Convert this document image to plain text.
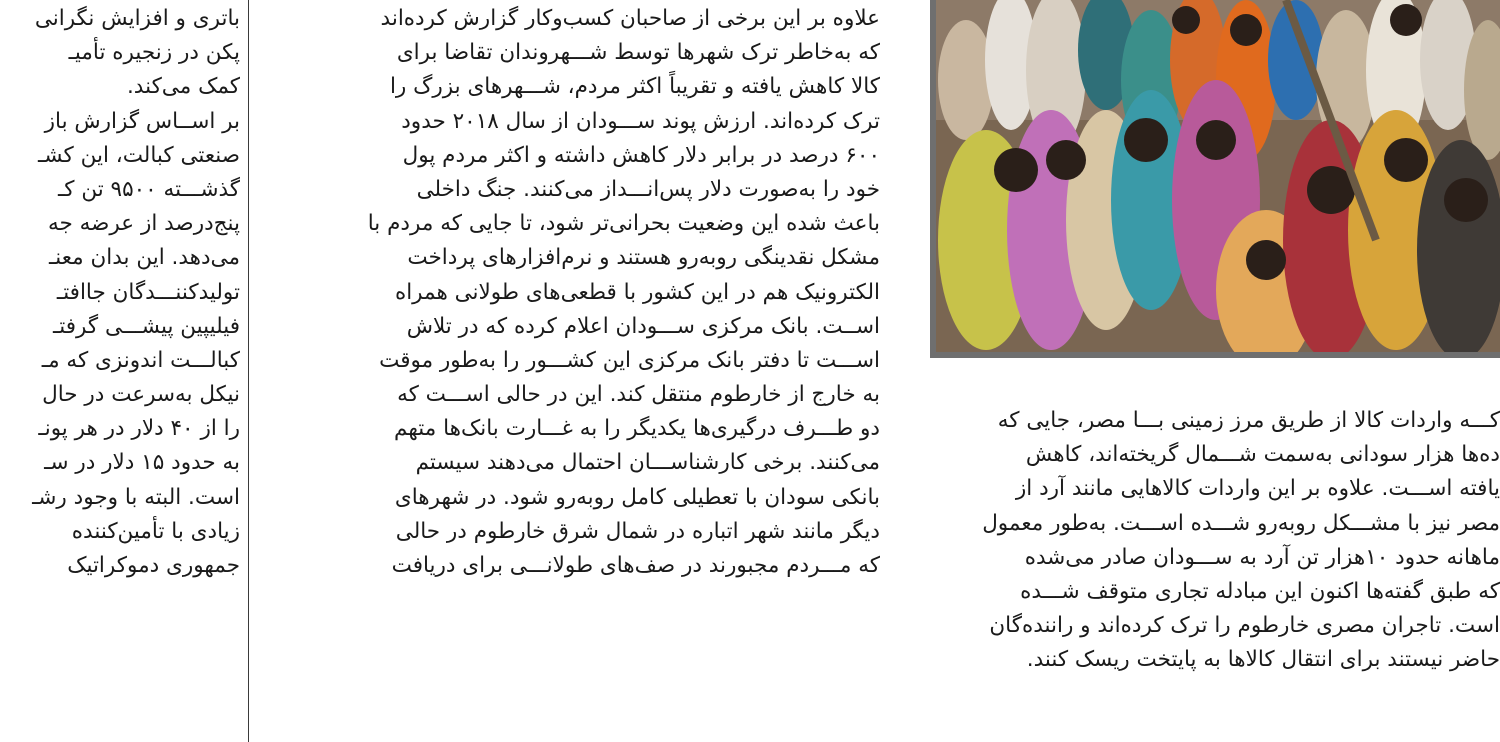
باتری و افزایش نگرانی
پکن در زنجیره تأمیـ
کمک می‌کند.
بر اســاس گزارش باز
صنعتی کبالت، این کشـ
گذشـــته ۹۵۰۰ تن کـ
پنج‌درصد از عرضه جه
می‌دهد. این بدان معنـ
تولیدکننـــدگان جاافتـ
فیلیپین پیشـــی گرفتـ
کبالـــت اندونزی که مـ
نیکل به‌سرعت در حال
را از ۴۰ دلار در هر پونـ
به حدود ۱۵ دلار در سـ
است. البته با وجود رشـ
زیادی با تأمین‌کننده
جمهوری دموکراتیک
علاوه بر این برخی از صاحبان کسب‌وکار گزارش کرده‌اند
که به‌خاطر ترک شهرها توسط شـــهروندان تقاضا برای
کالا کاهش یافته و تقریباً اکثر مردم، شـــهرهای بزرگ را
ترک کرده‌اند. ارزش پوند ســـودان از سال ۲۰۱۸ حدود
۶۰۰ درصد در برابر دلار کاهش داشته و اکثر مردم پول
خود را به‌صورت دلار پس‌انـــداز می‌کنند. جنگ داخلی
باعث شده این وضعیت بحرانی‌تر شود، تا جایی که مردم با
مشکل نقدینگی روبه‌رو هستند و نرم‌افزارهای پرداخت
الکترونیک هم در این کشور با قطعی‌های طولانی همراه
اســت. بانک مرکزی ســـودان اعلام کرده که در تلاش
اســـت تا دفتر بانک مرکزی این کشـــور را به‌طور موقت
به خارج از خارطوم منتقل کند. این در حالی اســـت که
دو طـــرف درگیری‌ها یکدیگر را به غـــارت بانک‌ها متهم
می‌کنند. برخی کارشناســـان احتمال می‌دهند سیستم
بانکی سودان با تعطیلی کامل روبه‌رو شود. در شهرهای
دیگر مانند شهر اتباره در شمال شرق خارطوم در حالی
که مـــردم مجبورند در صف‌های طولانـــی برای دریافت
کـــه واردات کالا از طریق مرز زمینی بـــا مصر، جایی که
ده‌ها هزار سودانی به‌سمت شـــمال گریخته‌اند، کاهش
یافته اســـت. علاوه بر این واردات کالاهایی مانند آرد از
مصر نیز با مشـــکل روبه‌رو شـــده اســـت. به‌طور معمول
ماهانه حدود ۱۰هزار تن آرد به ســـودان صادر می‌شده
که طبق گفته‌ها اکنون این مبادله تجاری متوقف شـــده
است. تاجران مصری خارطوم را ترک کرده‌اند و راننده‌گان
حاضر نیستند برای انتقال کالاها به پایتخت ریسک کنند.
